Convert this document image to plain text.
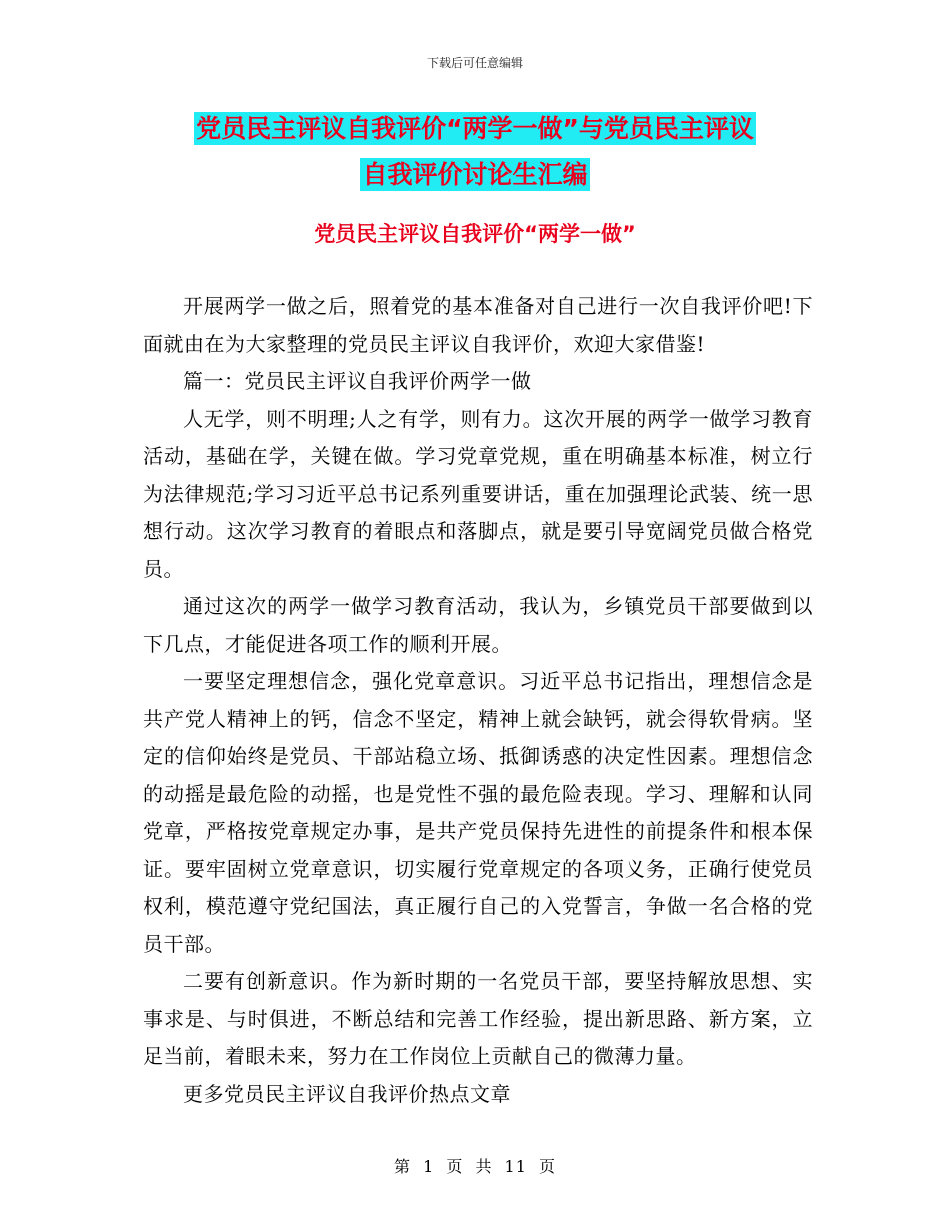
下载后可任意编辑
党员民主评议自我评价“两学一做”与党员民主评议
自我评价讨论生汇编
党员民主评议自我评价“两学一做”

开展两学一做之后，照着党的基本准备对自己进行一次自我评价吧!下面就由在为大家整理的党员民主评议自我评价，欢迎大家借鉴!

篇一：党员民主评议自我评价两学一做

人无学，则不明理;人之有学，则有力。这次开展的两学一做学习教育活动，基础在学，关键在做。学习党章党规，重在明确基本标准，树立行为法律规范;学习习近平总书记系列重要讲话，重在加强理论武装、统一思想行动。这次学习教育的着眼点和落脚点，就是要引导宽阔党员做合格党员。

通过这次的两学一做学习教育活动，我认为，乡镇党员干部要做到以下几点，才能促进各项工作的顺利开展。

一要坚定理想信念，强化党章意识。习近平总书记指出，理想信念是共产党人精神上的钙，信念不坚定，精神上就会缺钙，就会得软骨病。坚定的信仰始终是党员、干部站稳立场、抵御诱惑的决定性因素。理想信念的动摇是最危险的动摇，也是党性不强的最危险表现。学习、理解和认同党章，严格按党章规定办事，是共产党员保持先进性的前提条件和根本保证。要牢固树立党章意识，切实履行党章规定的各项义务，正确行使党员权利，模范遵守党纪国法，真正履行自己的入党誓言，争做一名合格的党员干部。

二要有创新意识。作为新时期的一名党员干部，要坚持解放思想、实事求是、与时俱进，不断总结和完善工作经验，提出新思路、新方案，立足当前，着眼未来，努力在工作岗位上贡献自己的微薄力量。

更多党员民主评议自我评价热点文章

第 1 页 共 11 页
